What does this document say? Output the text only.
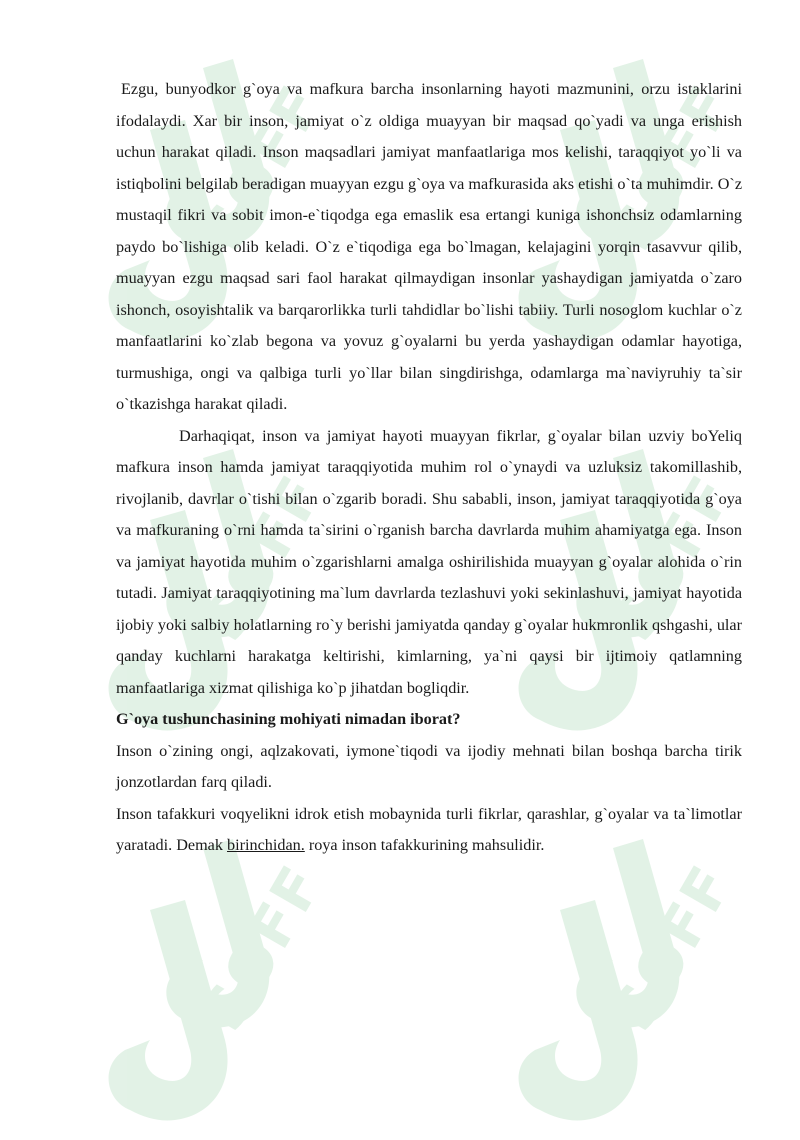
SOFF	SOFF
SOFF	SOFF
SOFF	SOFF

Ezgu, bunyodkor g`oya va mafkura barcha insonlarning hayoti mazmunini, orzu istaklarini ifodalaydi. Xar bir inson, jamiyat o`z oldiga muayyan bir maqsad qo`yadi va unga erishish uchun harakat qiladi. Inson maqsadlari jamiyat manfaatlariga mos kelishi, taraqqiyot yo`li va istiqbolini belgilab beradigan muayyan ezgu g`oya va mafkurasida aks etishi o`ta muhimdir. O`z mustaqil fikri va sobit imon-e`tiqodga ega emaslik esa ertangi kuniga ishonchsiz odamlarning paydo bo`lishiga olib keladi. O`z e`tiqodiga ega bo`lmagan, kelajagini yorqin tasavvur qilib, muayyan ezgu maqsad sari faol harakat qilmaydigan insonlar yashaydigan jamiyatda o`zaro ishonch, osoyishtalik va barqarorlikka turli tahdidlar bo`lishi tabiiy. Turli nosoglom kuchlar o`z manfaatlarini ko`zlab begona va yovuz g`oyalarni bu yerda yashaydigan odamlar hayotiga, turmushiga, ongi va qalbiga turli yo`llar bilan singdirishga, odamlarga ma`naviyruhiy ta`sir o`tkazishga harakat qiladi.

Darhaqiqat, inson va jamiyat hayoti muayyan fikrlar, g`oyalar bilan uzviy boYeliq mafkura inson hamda jamiyat taraqqiyotida muhim rol o`ynaydi va uzluksiz takomillashib, rivojlanib, davrlar o`tishi bilan o`zgarib boradi. Shu sababli, inson, jamiyat taraqqiyotida g`oya va mafkuraning o`rni hamda ta`sirini o`rganish barcha davrlarda muhim ahamiyatga ega. Inson va jamiyat hayotida muhim o`zgarishlarni amalga oshirilishida muayyan g`oyalar alohida o`rin tutadi. Jamiyat taraqqiyotining ma`lum davrlarda tezlashuvi yoki sekinlashuvi, jamiyat hayotida ijobiy yoki salbiy holatlarning ro`y berishi jamiyatda qanday g`oyalar hukmronlik qshgashi, ular qanday kuchlarni harakatga keltirishi, kimlarning, ya`ni qaysi bir ijtimoiy qatlamning manfaatlariga xizmat qilishiga ko`p jihatdan bogliqdir.

G`oya tushunchasining mohiyati nimadan iborat?

Inson o`zining ongi, aqlzakovati, iymone`tiqodi va ijodiy mehnati bilan boshqa barcha tirik jonzotlardan farq qiladi.

Inson tafakkuri voqyelikni idrok etish mobaynida turli fikrlar, qarashlar, g`oyalar va ta`limotlar yaratadi. Demak birinchidan. roya inson tafakkurining mahsulidir.
